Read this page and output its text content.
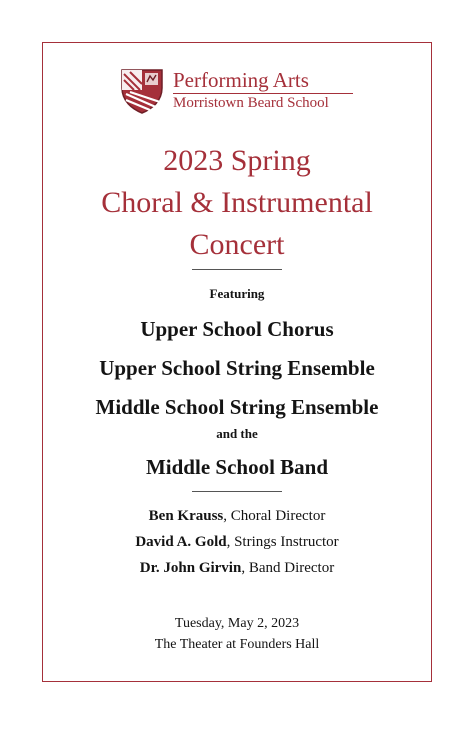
Performing Arts
Morristown Beard School
2023 Spring
Choral & Instrumental
Concert
Featuring
Upper School Chorus
Upper School String Ensemble
Middle School String Ensemble
and the
Middle School Band
Ben Krauss, Choral Director
David A. Gold, Strings Instructor
Dr. John Girvin, Band Director
Tuesday, May 2, 2023
The Theater at Founders Hall
